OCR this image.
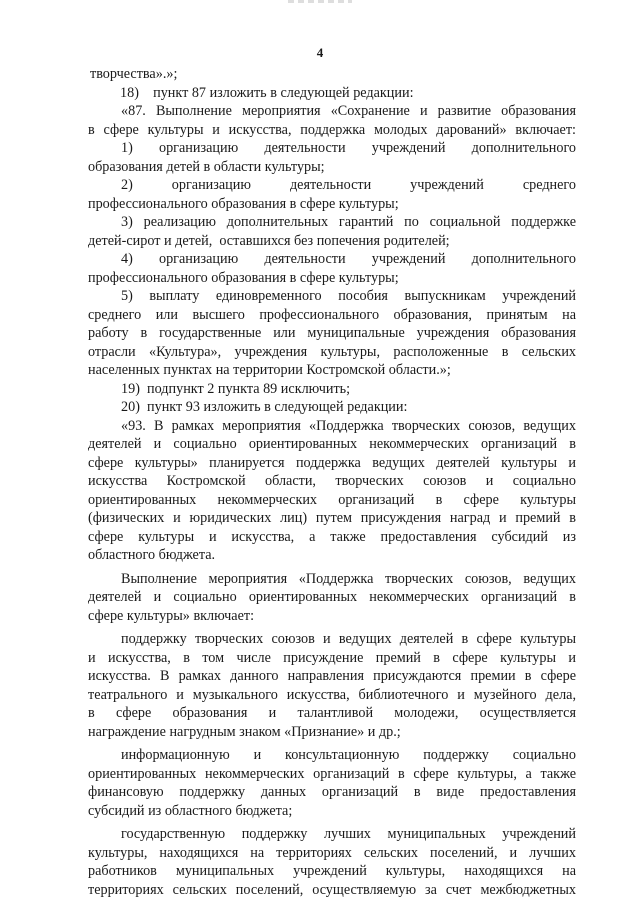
4
творчества».»;
18)    пункт 87 изложить в следующей редакции:
«87. Выполнение мероприятия «Сохранение и развитие образования
в сфере культуры и искусства, поддержка молодых дарований» включает:
1) организацию деятельности учреждений дополнительного
образования детей в области культуры;
2) организацию деятельности учреждений среднего
профессионального образования в сфере культуры;
3) реализацию дополнительных гарантий по социальной поддержке
детей-сирот и детей,  оставшихся без попечения родителей;
4) организацию деятельности учреждений дополнительного
профессионального образования в сфере культуры;
5) выплату единовременного пособия выпускникам учреждений
среднего или высшего профессионального образования, принятым на
работу в государственные или муниципальные учреждения образования
отрасли «Культура», учреждения культуры, расположенные в сельских
населенных пунктах на территории Костромской области.»;
19)  подпункт 2 пункта 89 исключить;
20)  пункт 93 изложить в следующей редакции:
«93. В рамках мероприятия «Поддержка творческих союзов, ведущих
деятелей и социально ориентированных некоммерческих организаций в
сфере культуры» планируется поддержка ведущих деятелей культуры и
искусства Костромской области, творческих союзов и социально
ориентированных некоммерческих организаций в сфере культуры
(физических и юридических лиц) путем присуждения наград и премий в
сфере культуры и искусства, а также предоставления субсидий из
областного бюджета.
Выполнение мероприятия «Поддержка творческих союзов, ведущих
деятелей и социально ориентированных некоммерческих организаций в
сфере культуры» включает:
поддержку творческих союзов и ведущих деятелей в сфере культуры
и искусства, в том числе присуждение премий в сфере культуры и
искусства. В рамках данного направления присуждаются премии в сфере
театрального и музыкального искусства, библиотечного и музейного дела,
в сфере образования и талантливой молодежи, осуществляется
награждение нагрудным знаком «Признание» и др.;
информационную и консультационную поддержку социально
ориентированных некоммерческих организаций в сфере культуры, а также
финансовую поддержку данных организаций в виде предоставления
субсидий из областного бюджета;
государственную поддержку лучших муниципальных учреждений
культуры, находящихся на территориях сельских поселений, и лучших
работников муниципальных учреждений культуры, находящихся на
территориях сельских поселений, осуществляемую за счет межбюджетных
